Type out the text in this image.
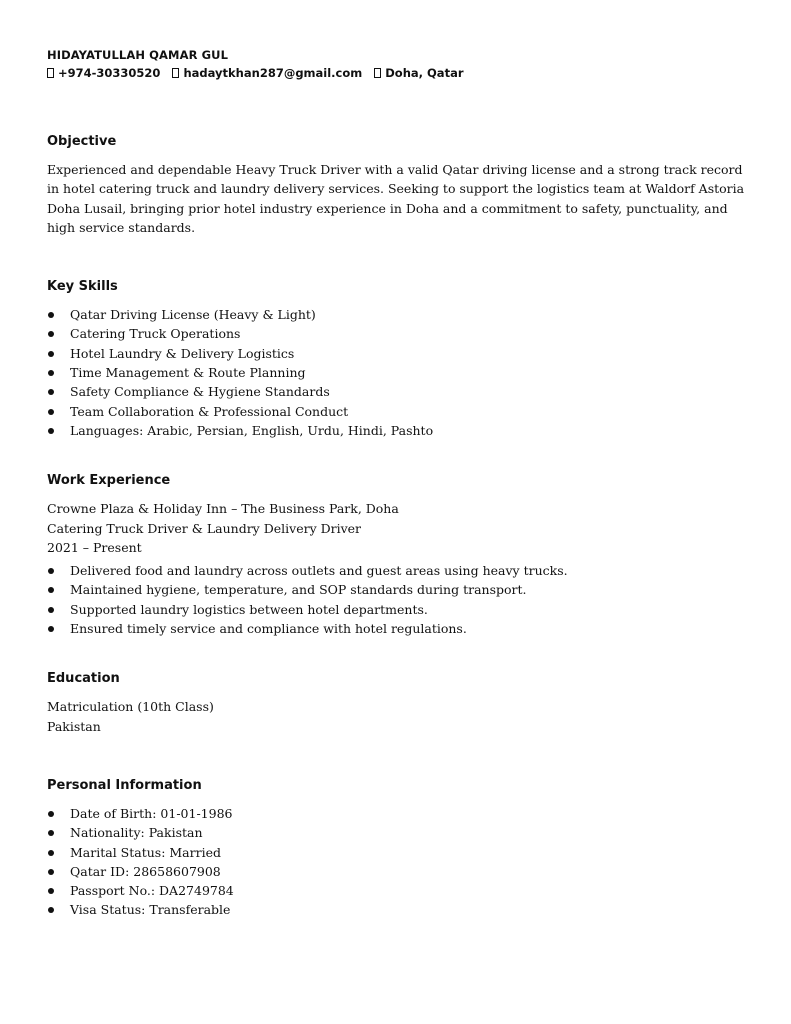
HIDAYATULLAH QAMAR GUL

+974-30330520 hadaytkhan287@gmail.com Doha, Qatar

Objective

Experienced and dependable Heavy Truck Driver with a valid Qatar driving license and a strong track record in hotel catering truck and laundry delivery services. Seeking to support the logistics team at Waldorf Astoria Doha Lusail, bringing prior hotel industry experience in Doha and a commitment to safety, punctuality, and high service standards.

Key Skills
Qatar Driving License (Heavy & Light)
Catering Truck Operations
Hotel Laundry & Delivery Logistics
Time Management & Route Planning
Safety Compliance & Hygiene Standards
Team Collaboration & Professional Conduct
Languages: Arabic, Persian, English, Urdu, Hindi, Pashto
Work Experience

Crowne Plaza & Holiday Inn – The Business Park, Doha

Catering Truck Driver & Laundry Delivery Driver

2021 – Present

Delivered food and laundry across outlets and guest areas using heavy trucks.
Maintained hygiene, temperature, and SOP standards during transport.
Supported laundry logistics between hotel departments.
Ensured timely service and compliance with hotel regulations.
Education

Matriculation (10th Class)

Pakistan

Personal Information
Date of Birth: 01-01-1986
Nationality: Pakistan
Marital Status: Married
Qatar ID: 28658607908
Passport No.: DA2749784
Visa Status: Transferable
